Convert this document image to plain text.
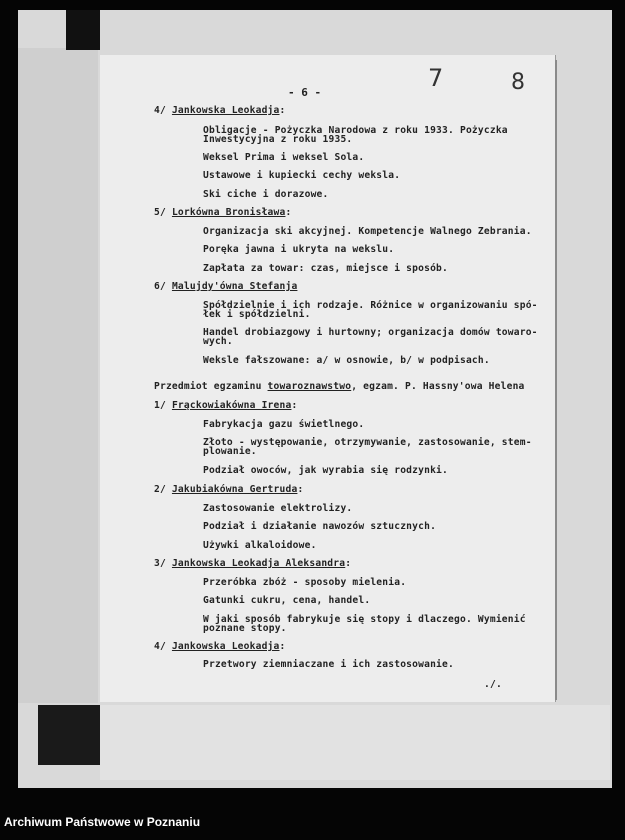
- 6 -
7	8
4/ Jankowska Leokadja:
Obligacje - Pożyczka Narodowa z roku 1933. Pożyczka Inwestycyjna z roku 1935.
Weksel Prima i weksel Sola.
Ustawowe i kupiecki cechy weksla.
Ski ciche i dorazowe.
5/ Lorkówna Bronisława:
Organizacja ski akcyjnej. Kompetencje Walnego Zebrania.
Poręka jawna i ukryta na wekslu.
Zapłata za towar: czas, miejsce i sposób.
6/ Malujdy'ówna Stefanja
Spółdzielnie i ich rodzaje. Różnice w organizowaniu spó-łek i spółdzielni.
Handel drobiazgowy i hurtowny; organizacja domów towaro-wych.
Weksle fałszowane: a/ w osnowie, b/ w podpisach.
Przedmiot egzaminu towaroznawstwo, egzam. P. Hassny'owa Helena
1/ Frąckowiakówna Irena:
Fabrykacja gazu świetlnego.
Złoto - występowanie, otrzymywanie, zastosowanie, stem-plowanie.
Podział owoców, jak wyrabia się rodzynki.
2/ Jakubiakówna Gertruda:
Zastosowanie elektrolizy.
Podział i działanie nawozów sztucznych.
Używki alkaloidowe.
3/ Jankowska Leokadja Aleksandra:
Przeróbka zbóż - sposoby mielenia.
Gatunki cukru, cena, handel.
W jaki sposób fabrykuje się stopy i dlaczego. Wymienić poznane stopy.
4/ Jankowska Leokadja:
Przetwory ziemniaczane i ich zastosowanie.
./.
Archiwum Państwowe w Poznaniu
